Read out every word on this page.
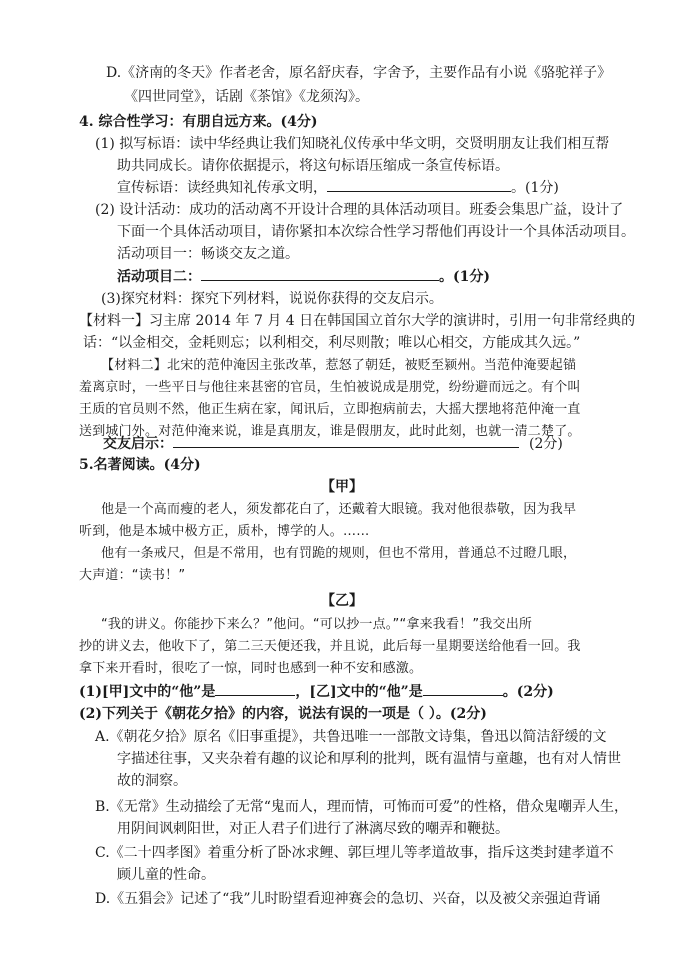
D.《济南的冬天》作者老舍，原名舒庆春，字舍予，主要作品有小说《骆驼祥子》
《四世同堂》，话剧《茶馆》《龙须沟》。
4. 综合性学习：有朋自远方来。(4分)
(1) 拟写标语：读中华经典让我们知晓礼仪传承中华文明，交贤明朋友让我们相互帮
助共同成长。请你依据提示，将这句标语压缩成一条宣传标语。
宣传标语：读经典知礼传承文明，	。(1分)
(2) 设计活动：成功的活动离不开设计合理的具体活动项目。班委会集思广益，设计了
下面一个具体活动项目，请你紧扣本次综合性学习帮他们再设计一个具体活动项目。
活动项目一：畅谈交友之道。
活动项目二：	。(1分)
(3)探究材料：探究下列材料，说说你获得的交友启示。
【材料一】习主席 2014 年 7 月 4 日在韩国国立首尔大学的演讲时，引用一句非常经典的
话：“以金相交，金耗则忘；以利相交，利尽则散；唯以心相交，方能成其久远。”
【材料二】北宋的范仲淹因主张改革，惹怒了朝廷，被贬至颍州。当范仲淹要起锚
羞离京时，一些平日与他往来甚密的官员，生怕被说成是朋党，纷纷避而远之。有个叫
王质的官员则不然，他正生病在家，闻讯后，立即抱病前去，大摇大摆地将范仲淹一直
送到城门外。对范仲淹来说，谁是真朋友，谁是假朋友，此时此刻，也就一清二楚了。
交友启示：	(2分)
5.名著阅读。(4分)
【甲】
他是一个高而瘦的老人，须发都花白了，还戴着大眼镜。我对他很恭敬，因为我早
听到，他是本城中极方正，质朴，博学的人。……
他有一条戒尺，但是不常用，也有罚跪的规则，但也不常用，普通总不过瞪几眼，
大声道：“读书！”
【乙】
“我的讲义。你能抄下来么？”他问。“可以抄一点。”“拿来我看！”我交出所
抄的讲义去，他收下了，第二三天便还我，并且说，此后每一星期要送给他看一回。我
拿下来开看时，很吃了一惊，同时也感到一种不安和感激。
(1)[甲]文中的“他”是	，[乙]文中的“他”是	。(2分)
(2)下列关于《朝花夕拾》的内容，说法有误的一项是（ ）。(2分)
A.《朝花夕拾》原名《旧事重提》，共鲁迅唯一一部散文诗集，鲁迅以简洁舒缓的文
字描述往事，又夹杂着有趣的议论和厚利的批判，既有温情与童趣，也有对人情世
故的洞察。
B.《无常》生动描绘了无常“鬼而人，理而情，可怖而可爱”的性格，借众鬼嘲弄人生，
用阴间讽刺阳世，对正人君子们进行了淋漓尽致的嘲弄和鞭挞。
C.《二十四孝图》着重分析了卧冰求鲤、郭巨埋儿等孝道故事，指斥这类封建孝道不
顾儿童的性命。
D.《五猖会》记述了“我”儿时盼望看迎神赛会的急切、兴奋，以及被父亲强迫背诵
